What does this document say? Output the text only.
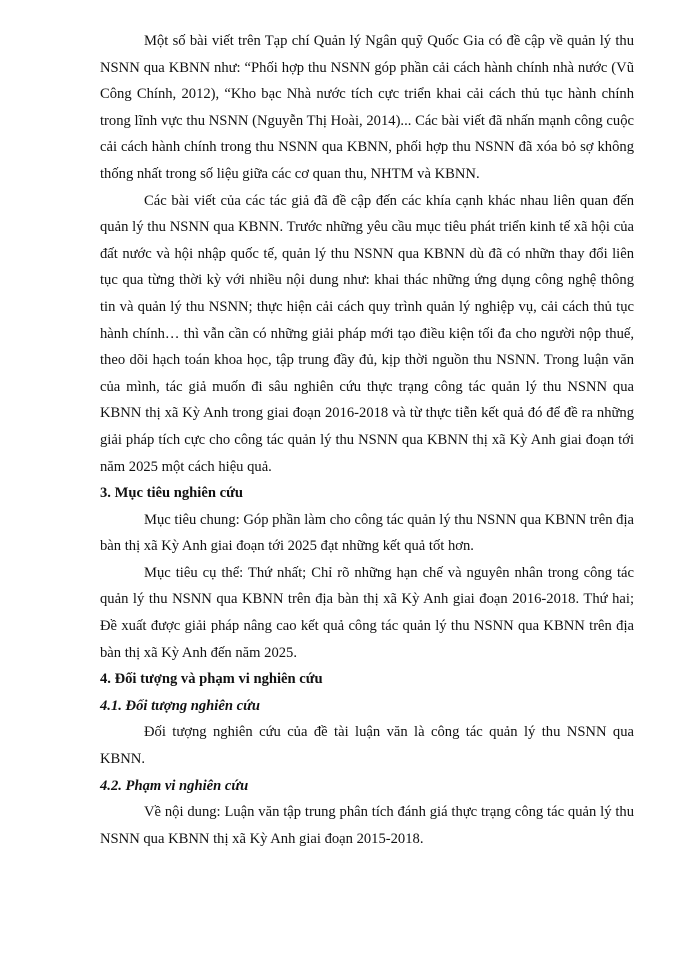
Một số bài viết trên Tạp chí Quản lý Ngân quỹ Quốc Gia có đề cập về quản lý thu NSNN qua KBNN như: “Phối hợp thu NSNN góp phần cải cách hành chính nhà nước (Vũ Công Chính, 2012), “Kho bạc Nhà nước tích cực triển khai cải cách thủ tục hành chính trong lĩnh vực thu NSNN (Nguyễn Thị Hoài, 2014)... Các bài viết đã nhấn mạnh công cuộc cải cách hành chính trong thu NSNN qua KBNN, phối hợp thu NSNN đã xóa bỏ sợ không thống nhất trong số liệu giữa các cơ quan thu, NHTM và KBNN.

Các bài viết của các tác giả đã đề cập đến các khía cạnh khác nhau liên quan đến quản lý thu NSNN qua KBNN. Trước những yêu cầu mục tiêu phát triển kinh tế xã hội của đất nước và hội nhập quốc tế, quản lý thu NSNN qua KBNN dù đã có nhữn thay đổi liên tục qua từng thời kỳ với nhiều nội dung như: khai thác những ứng dụng công nghệ thông tin và quản lý thu NSNN; thực hiện cải cách quy trình quản lý nghiệp vụ, cải cách thủ tục hành chính… thì vẫn cần có những giải pháp mới tạo điều kiện tối đa cho người nộp thuế, theo dõi hạch toán khoa học, tập trung đầy đủ, kịp thời nguồn thu NSNN. Trong luận văn của mình, tác giả muốn đi sâu nghiên cứu thực trạng công tác quản lý thu NSNN qua KBNN thị xã Kỳ Anh trong giai đoạn 2016-2018 và từ thực tiễn kết quả đó để đề ra những giải pháp tích cực cho công tác quản lý thu NSNN qua KBNN thị xã Kỳ Anh giai đoạn tới năm 2025 một cách hiệu quả.

3. Mục tiêu nghiên cứu

Mục tiêu chung: Góp phần làm cho công tác quản lý thu NSNN qua KBNN trên địa bàn thị xã Kỳ Anh giai đoạn tới 2025 đạt những kết quả tốt hơn.

Mục tiêu cụ thể: Thứ nhất; Chỉ rõ những hạn chế và nguyên nhân trong công tác quản lý thu NSNN qua KBNN trên địa bàn thị xã Kỳ Anh giai đoạn 2016-2018. Thứ hai; Đề xuất được giải pháp nâng cao kết quả công tác quản lý thu NSNN qua KBNN trên địa bàn thị xã Kỳ Anh đến năm 2025.

4. Đối tượng và phạm vi nghiên cứu

4.1. Đối tượng nghiên cứu

Đối tượng nghiên cứu của đề tài luận văn là công tác quản lý thu NSNN qua KBNN.

4.2. Phạm vi nghiên cứu

Về nội dung: Luận văn tập trung phân tích đánh giá thực trạng công tác quản lý thu NSNN qua KBNN thị xã Kỳ Anh giai đoạn 2015-2018.
